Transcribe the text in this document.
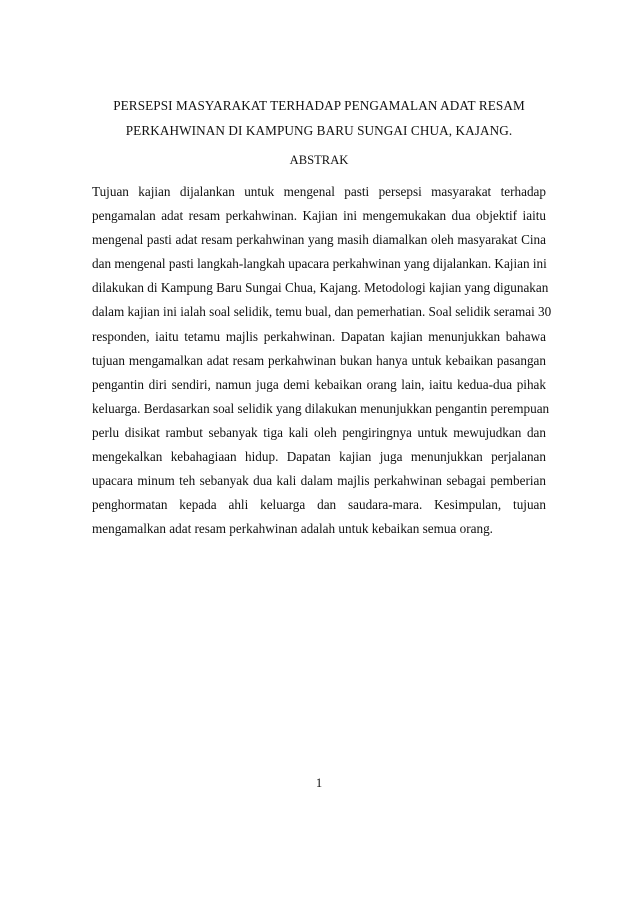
PERSEPSI MASYARAKAT TERHADAP PENGAMALAN ADAT RESAM
PERKAHWINAN DI KAMPUNG BARU SUNGAI CHUA, KAJANG.
ABSTRAK
Tujuan kajian dijalankan untuk mengenal pasti persepsi masyarakat terhadap
pengamalan adat resam perkahwinan. Kajian ini mengemukakan dua objektif iaitu
mengenal pasti adat resam perkahwinan yang masih diamalkan oleh masyarakat Cina
dan mengenal pasti langkah-langkah upacara perkahwinan yang dijalankan. Kajian ini
dilakukan di Kampung Baru Sungai Chua, Kajang. Metodologi kajian yang digunakan
dalam kajian ini ialah soal selidik, temu bual, dan pemerhatian. Soal selidik seramai 30
responden, iaitu tetamu majlis perkahwinan. Dapatan kajian menunjukkan bahawa
tujuan mengamalkan adat resam perkahwinan bukan hanya untuk kebaikan pasangan
pengantin diri sendiri, namun juga demi kebaikan orang lain, iaitu kedua-dua pihak
keluarga. Berdasarkan soal selidik yang dilakukan menunjukkan pengantin perempuan
perlu disikat rambut sebanyak tiga kali oleh pengiringnya untuk mewujudkan dan
mengekalkan kebahagiaan hidup. Dapatan kajian juga menunjukkan perjalanan
upacara minum teh sebanyak dua kali dalam majlis perkahwinan sebagai pemberian
penghormatan kepada ahli keluarga dan saudara-mara. Kesimpulan, tujuan
mengamalkan adat resam perkahwinan adalah untuk kebaikan semua orang.
1
